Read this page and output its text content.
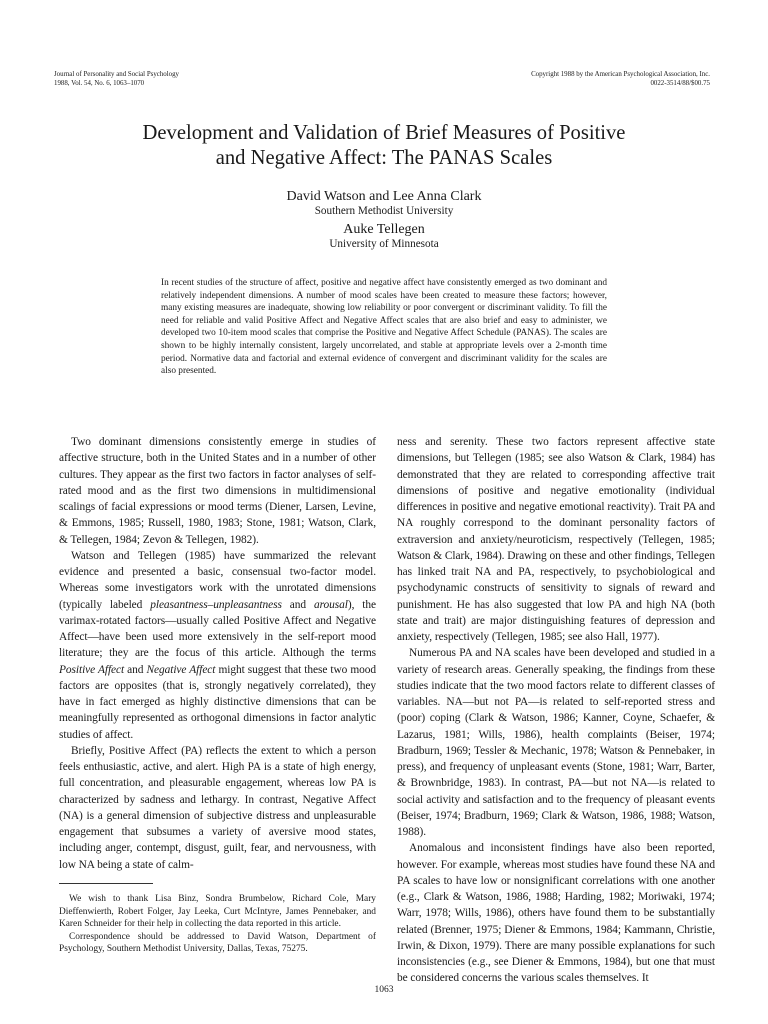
Journal of Personality and Social Psychology
1988, Vol. 54, No. 6, 1063–1070
Copyright 1988 by the American Psychological Association, Inc.
0022-3514/88/$00.75
Development and Validation of Brief Measures of Positive
and Negative Affect: The PANAS Scales
David Watson and Lee Anna Clark
Southern Methodist University
Auke Tellegen
University of Minnesota
In recent studies of the structure of affect, positive and negative affect have consistently emerged as two dominant and relatively independent dimensions. A number of mood scales have been created to measure these factors; however, many existing measures are inadequate, showing low reliability or poor convergent or discriminant validity. To fill the need for reliable and valid Positive Affect and Negative Affect scales that are also brief and easy to administer, we developed two 10-item mood scales that comprise the Positive and Negative Affect Schedule (PANAS). The scales are shown to be highly internally consistent, largely uncorrelated, and stable at appropriate levels over a 2-month time period. Normative data and factorial and external evidence of convergent and discriminant validity for the scales are also presented.

Two dominant dimensions consistently emerge in studies of affective structure, both in the United States and in a number of other cultures. They appear as the first two factors in factor analyses of self-rated mood and as the first two dimensions in multidimensional scalings of facial expressions or mood terms (Diener, Larsen, Levine, & Emmons, 1985; Russell, 1980, 1983; Stone, 1981; Watson, Clark, & Tellegen, 1984; Zevon & Tellegen, 1982).

Watson and Tellegen (1985) have summarized the relevant evidence and presented a basic, consensual two-factor model. Whereas some investigators work with the unrotated dimensions (typically labeled pleasantness–unpleasantness and arousal), the varimax-rotated factors—usually called Positive Affect and Negative Affect—have been used more extensively in the self-report mood literature; they are the focus of this article. Although the terms Positive Affect and Negative Affect might suggest that these two mood factors are opposites (that is, strongly negatively correlated), they have in fact emerged as highly distinctive dimensions that can be meaningfully represented as orthogonal dimensions in factor analytic studies of affect.

Briefly, Positive Affect (PA) reflects the extent to which a person feels enthusiastic, active, and alert. High PA is a state of high energy, full concentration, and pleasurable engagement, whereas low PA is characterized by sadness and lethargy. In contrast, Negative Affect (NA) is a general dimension of subjective distress and unpleasurable engagement that subsumes a variety of aversive mood states, including anger, contempt, disgust, guilt, fear, and nervousness, with low NA being a state of calm-

We wish to thank Lisa Binz, Sondra Brumbelow, Richard Cole, Mary Dieffenwierth, Robert Folger, Jay Leeka, Curt McIntyre, James Pennebaker, and Karen Schneider for their help in collecting the data reported in this article.

Correspondence should be addressed to David Watson, Department of Psychology, Southern Methodist University, Dallas, Texas, 75275.

ness and serenity. These two factors represent affective state dimensions, but Tellegen (1985; see also Watson & Clark, 1984) has demonstrated that they are related to corresponding affective trait dimensions of positive and negative emotionality (individual differences in positive and negative emotional reactivity). Trait PA and NA roughly correspond to the dominant personality factors of extraversion and anxiety/neuroticism, respectively (Tellegen, 1985; Watson & Clark, 1984). Drawing on these and other findings, Tellegen has linked trait NA and PA, respectively, to psychobiological and psychodynamic constructs of sensitivity to signals of reward and punishment. He has also suggested that low PA and high NA (both state and trait) are major distinguishing features of depression and anxiety, respectively (Tellegen, 1985; see also Hall, 1977).

Numerous PA and NA scales have been developed and studied in a variety of research areas. Generally speaking, the findings from these studies indicate that the two mood factors relate to different classes of variables. NA—but not PA—is related to self-reported stress and (poor) coping (Clark & Watson, 1986; Kanner, Coyne, Schaefer, & Lazarus, 1981; Wills, 1986), health complaints (Beiser, 1974; Bradburn, 1969; Tessler & Mechanic, 1978; Watson & Pennebaker, in press), and frequency of unpleasant events (Stone, 1981; Warr, Barter, & Brownbridge, 1983). In contrast, PA—but not NA—is related to social activity and satisfaction and to the frequency of pleasant events (Beiser, 1974; Bradburn, 1969; Clark & Watson, 1986, 1988; Watson, 1988).

Anomalous and inconsistent findings have also been reported, however. For example, whereas most studies have found these NA and PA scales to have low or nonsignificant correlations with one another (e.g., Clark & Watson, 1986, 1988; Harding, 1982; Moriwaki, 1974; Warr, 1978; Wills, 1986), others have found them to be substantially related (Brenner, 1975; Diener & Emmons, 1984; Kammann, Christie, Irwin, & Dixon, 1979). There are many possible explanations for such inconsistencies (e.g., see Diener & Emmons, 1984), but one that must be considered concerns the various scales themselves. It

1063
